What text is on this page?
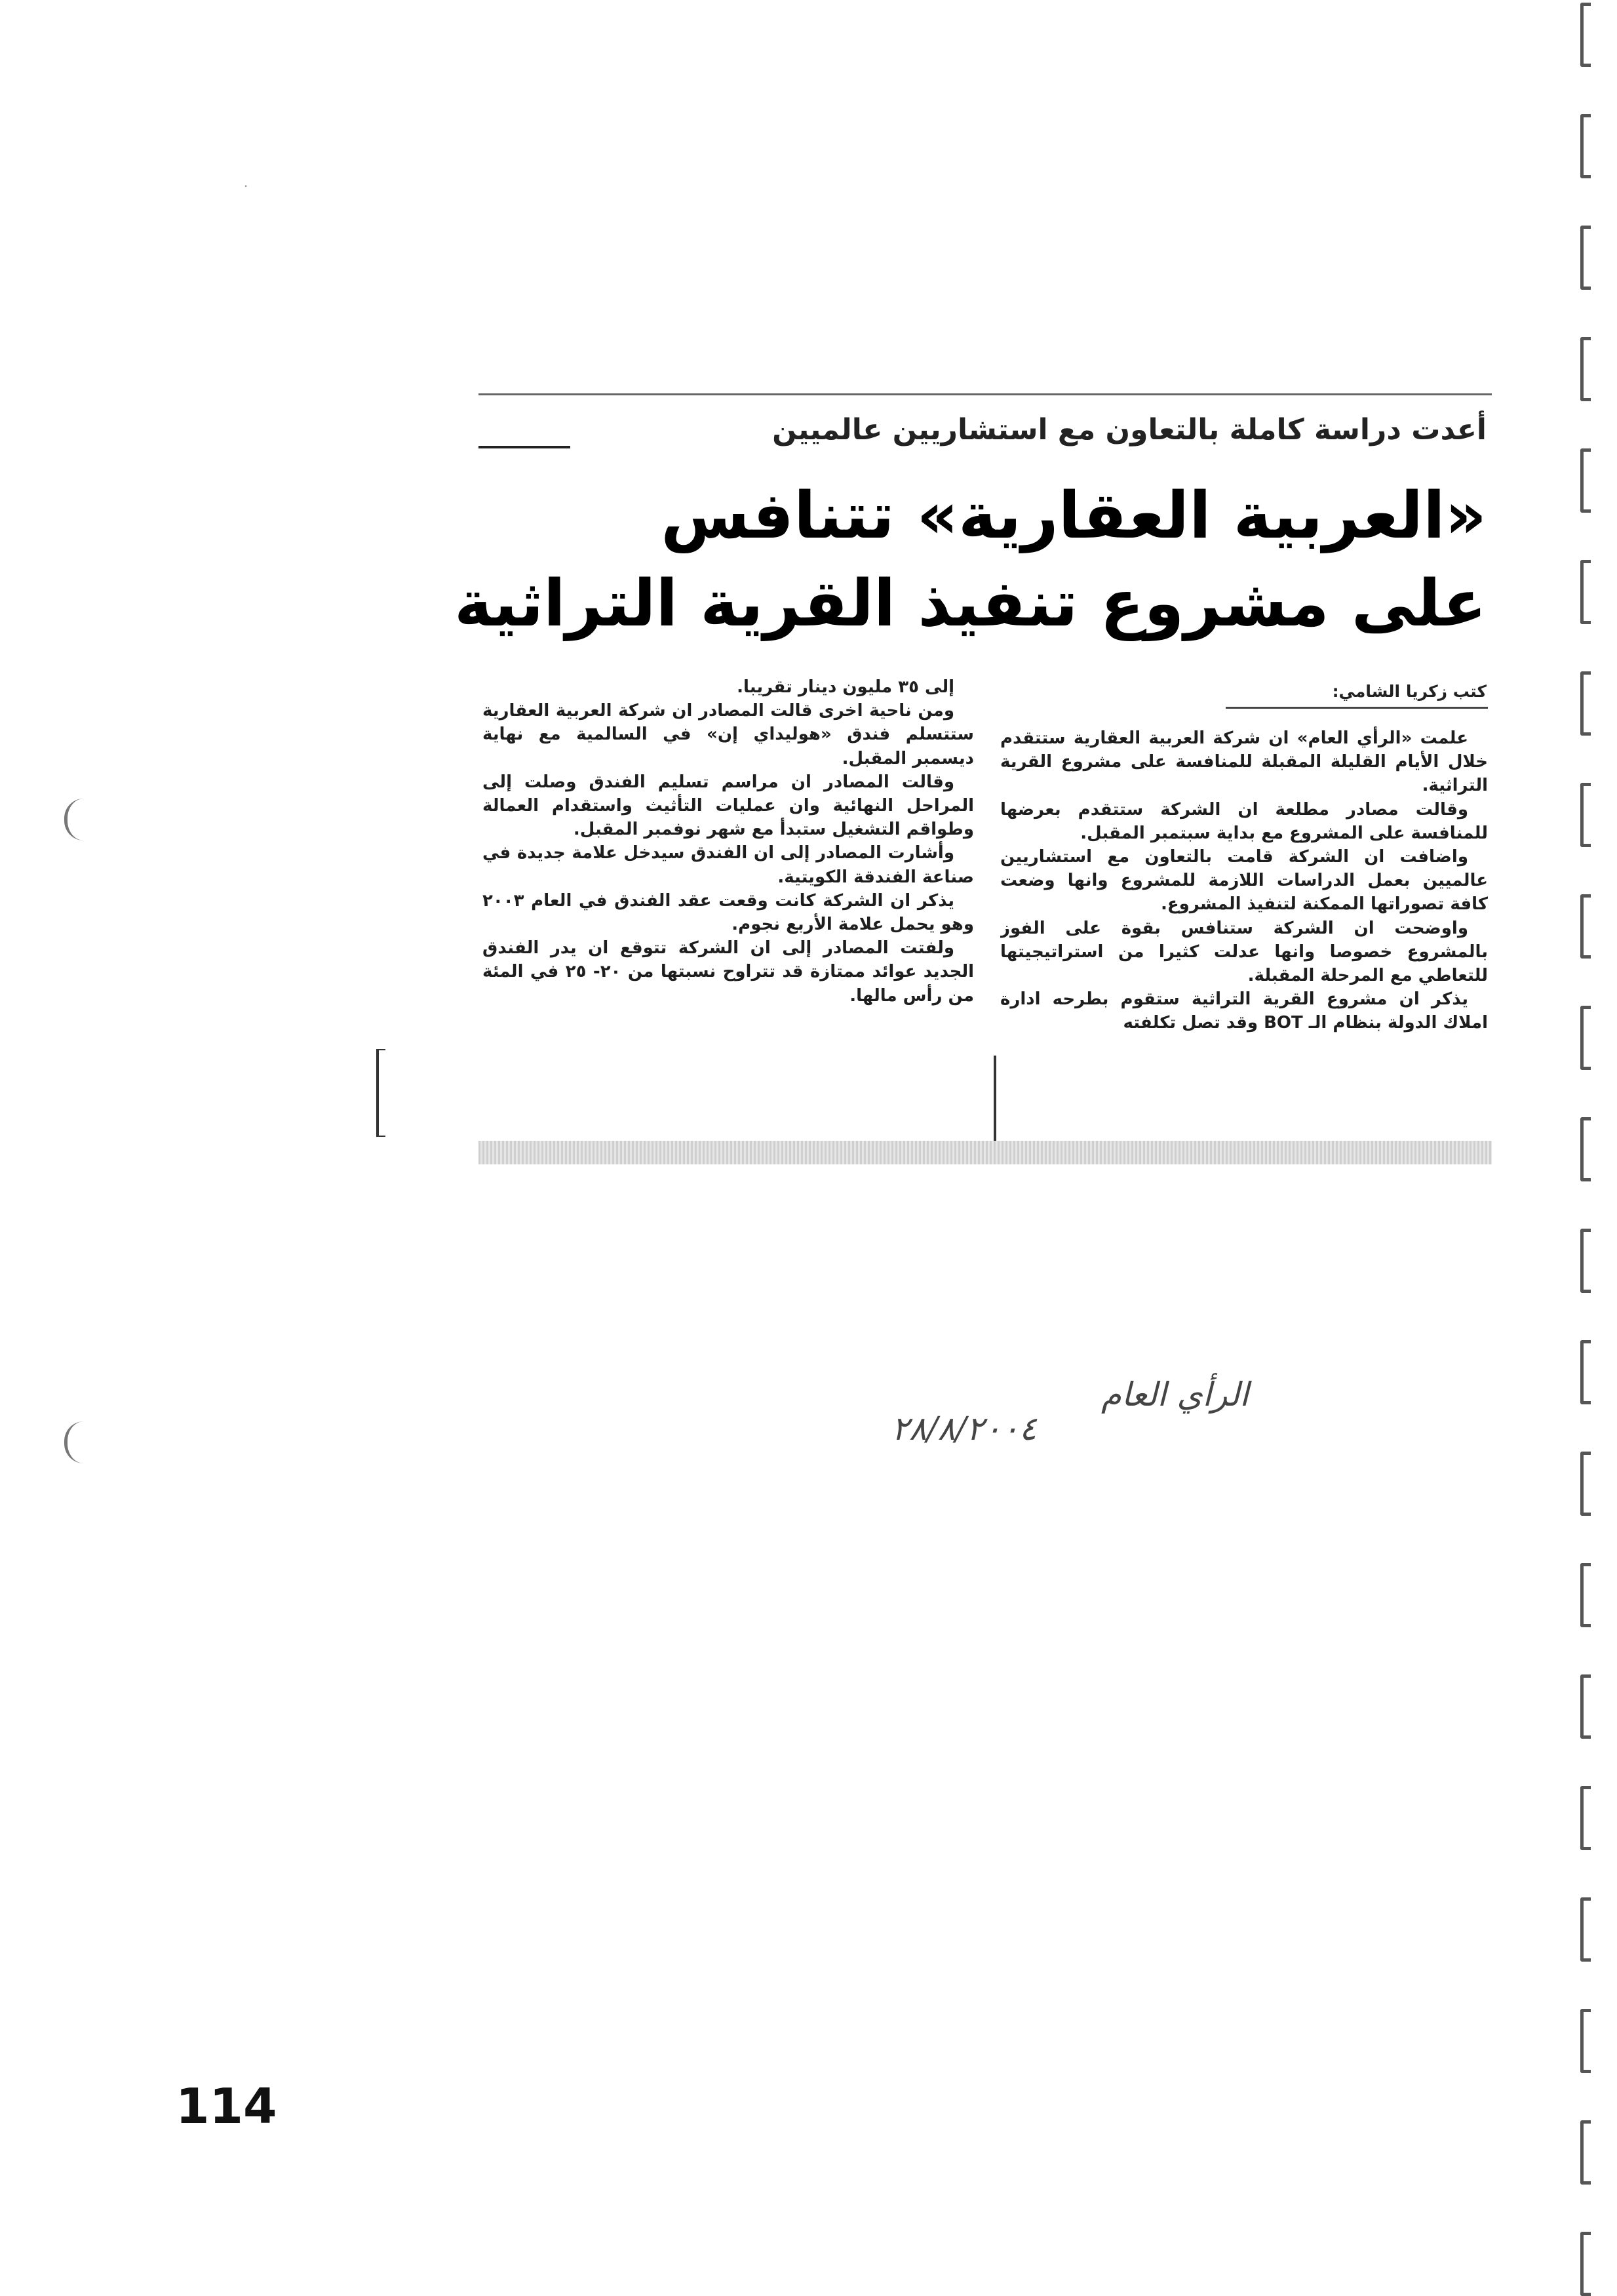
·
أعدت دراسة كاملة بالتعاون مع استشاريين عالميين
«العربية العقارية» تتنافس
على مشروع تنفيذ القرية التراثية
كتب زكريا الشامي:

علمت «الرأي العام» ان شركة العربية العقارية ستتقدم خلال الأيام القليلة المقبلة للمنافسة على مشروع القرية التراثية.

وقالت مصادر مطلعة ان الشركة ستتقدم بعرضها للمنافسة على المشروع مع بداية سبتمبر المقبل.

واضافت ان الشركة قامت بالتعاون مع استشاريين عالميين بعمل الدراسات اللازمة للمشروع وانها وضعت كافة تصوراتها الممكنة لتنفيذ المشروع.

واوضحت ان الشركة ستنافس بقوة على الفوز بالمشروع خصوصا وانها عدلت كثيرا من استراتيجيتها للتعاطي مع المرحلة المقبلة.

يذكر ان مشروع القرية التراثية ستقوم بطرحه ادارة املاك الدولة بنظام الـ BOT وقد تصل تكلفته

إلى ٣٥ مليون دينار تقريبا.

ومن ناحية اخرى قالت المصادر ان شركة العربية العقارية ستتسلم فندق «هوليداي إن» في السالمية مع نهاية ديسمبر المقبل.

وقالت المصادر ان مراسم تسليم الفندق وصلت إلى المراحل النهائية وان عمليات التأثيث واستقدام العمالة وطواقم التشغيل ستبدأ مع شهر نوفمبر المقبل.

وأشارت المصادر إلى ان الفندق سيدخل علامة جديدة في صناعة الفندقة الكويتية.

يذكر ان الشركة كانت وقعت عقد الفندق في العام ٢٠٠٣ وهو يحمل علامة الأربع نجوم.

ولفتت المصادر إلى ان الشركة تتوقع ان يدر الفندق الجديد عوائد ممتازة قد تتراوح نسبتها من ٢٠- ٢٥ في المئة من رأس مالها.

الرأي العام
٢٨/٨/٢٠٠٤
114
